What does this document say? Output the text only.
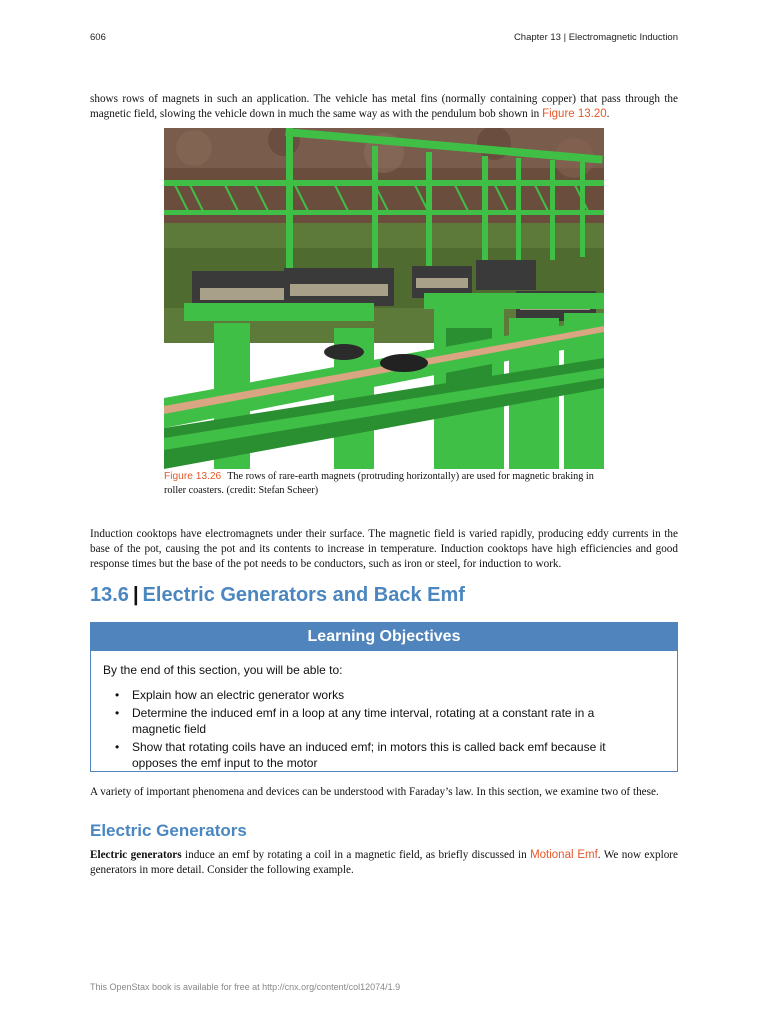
606	Chapter 13 | Electromagnetic Induction

shows rows of magnets in such an application. The vehicle has metal fins (normally containing copper) that pass through the magnetic field, slowing the vehicle down in much the same way as with the pendulum bob shown in Figure 13.20.

Figure 13.26 The rows of rare-earth magnets (protruding horizontally) are used for magnetic braking in roller coasters. (credit: Stefan Scheer)

Induction cooktops have electromagnets under their surface. The magnetic field is varied rapidly, producing eddy currents in the base of the pot, causing the pot and its contents to increase in temperature. Induction cooktops have high efficiencies and good response times but the base of the pot needs to be conductors, such as iron or steel, for induction to work.

13.6 | Electric Generators and Back Emf
Learning Objectives

By the end of this section, you will be able to:

• Explain how an electric generator works
• Determine the induced emf in a loop at any time interval, rotating at a constant rate in a magnetic field
• Show that rotating coils have an induced emf; in motors this is called back emf because it opposes the emf input to the motor

A variety of important phenomena and devices can be understood with Faraday’s law. In this section, we examine two of these.

Electric Generators

Electric generators induce an emf by rotating a coil in a magnetic field, as briefly discussed in Motional Emf. We now explore generators in more detail. Consider the following example.

This OpenStax book is available for free at http://cnx.org/content/col12074/1.9
